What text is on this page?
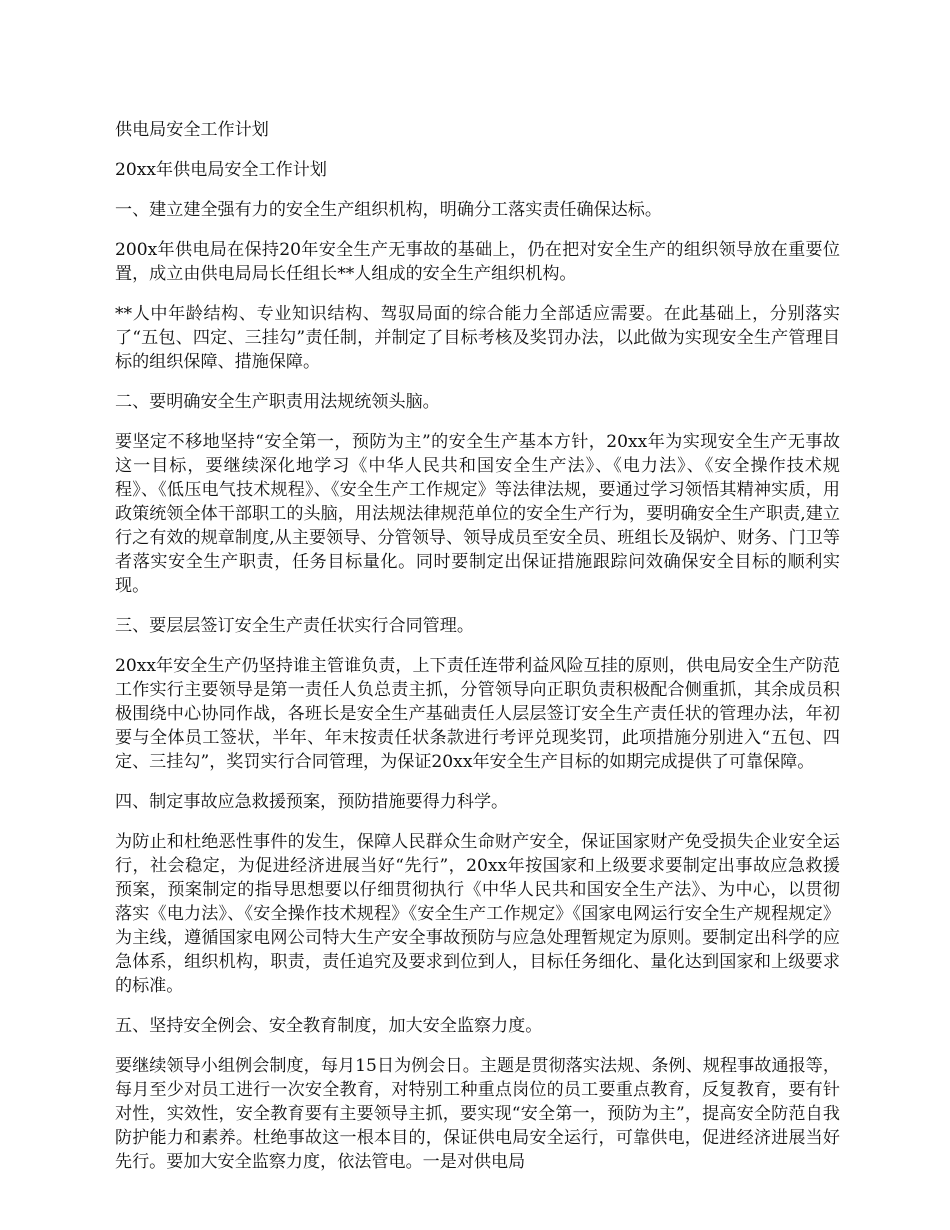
供电局安全工作计划

20xx年供电局安全工作计划

一、建立建全强有力的安全生产组织机构，明确分工落实责任确保达标。

200x年供电局在保持20年安全生产无事故的基础上，仍在把对安全生产的组织领导放在重要位置，成立由供电局局长任组长**人组成的安全生产组织机构。

**人中年龄结构、专业知识结构、驾驭局面的综合能力全部适应需要。在此基础上，分别落实了“五包、四定、三挂勾”责任制，并制定了目标考核及奖罚办法，以此做为实现安全生产管理目标的组织保障、措施保障。

二、要明确安全生产职责用法规统领头脑。

要坚定不移地坚持“安全第一，预防为主”的安全生产基本方针，20xx年为实现安全生产无事故这一目标，要继续深化地学习《中华人民共和国安全生产法》、《电力法》、《安全操作技术规程》、《低压电气技术规程》、《安全生产工作规定》等法律法规，要通过学习领悟其精神实质，用政策统领全体干部职工的头脑，用法规法律规范单位的安全生产行为，要明确安全生产职责,建立行之有效的规章制度,从主要领导、分管领导、领导成员至安全员、班组长及锅炉、财务、门卫等者落实安全生产职责，任务目标量化。同时要制定出保证措施跟踪问效确保安全目标的顺利实现。

三、要层层签订安全生产责任状实行合同管理。

20xx年安全生产仍坚持谁主管谁负责，上下责任连带利益风险互挂的原则，供电局安全生产防范工作实行主要领导是第一责任人负总责主抓，分管领导向正职负责积极配合侧重抓，其余成员积极围绕中心协同作战，各班长是安全生产基础责任人层层签订安全生产责任状的管理办法，年初要与全体员工签状，半年、年末按责任状条款进行考评兑现奖罚，此项措施分别进入“五包、四定、三挂勾”，奖罚实行合同管理，为保证20xx年安全生产目标的如期完成提供了可靠保障。

四、制定事故应急救援预案，预防措施要得力科学。

为防止和杜绝恶性事件的发生，保障人民群众生命财产安全，保证国家财产免受损失企业安全运行，社会稳定，为促进经济进展当好“先行”，20xx年按国家和上级要求要制定出事故应急救援预案，预案制定的指导思想要以仔细贯彻执行《中华人民共和国安全生产法》、为中心，以贯彻落实《电力法》、《安全操作技术规程》《安全生产工作规定》《国家电网运行安全生产规程规定》为主线，遵循国家电网公司特大生产安全事故预防与应急处理暂规定为原则。要制定出科学的应急体系，组织机构，职责，责任追究及要求到位到人，目标任务细化、量化达到国家和上级要求的标准。

五、坚持安全例会、安全教育制度，加大安全监察力度。

要继续领导小组例会制度，每月15日为例会日。主题是贯彻落实法规、条例、规程事故通报等，每月至少对员工进行一次安全教育，对特别工种重点岗位的员工要重点教育，反复教育，要有针对性，实效性，安全教育要有主要领导主抓，要实现“安全第一，预防为主”，提高安全防范自我防护能力和素养。杜绝事故这一根本目的，保证供电局安全运行，可靠供电，促进经济进展当好先行。要加大安全监察力度，依法管电。一是对供电局
